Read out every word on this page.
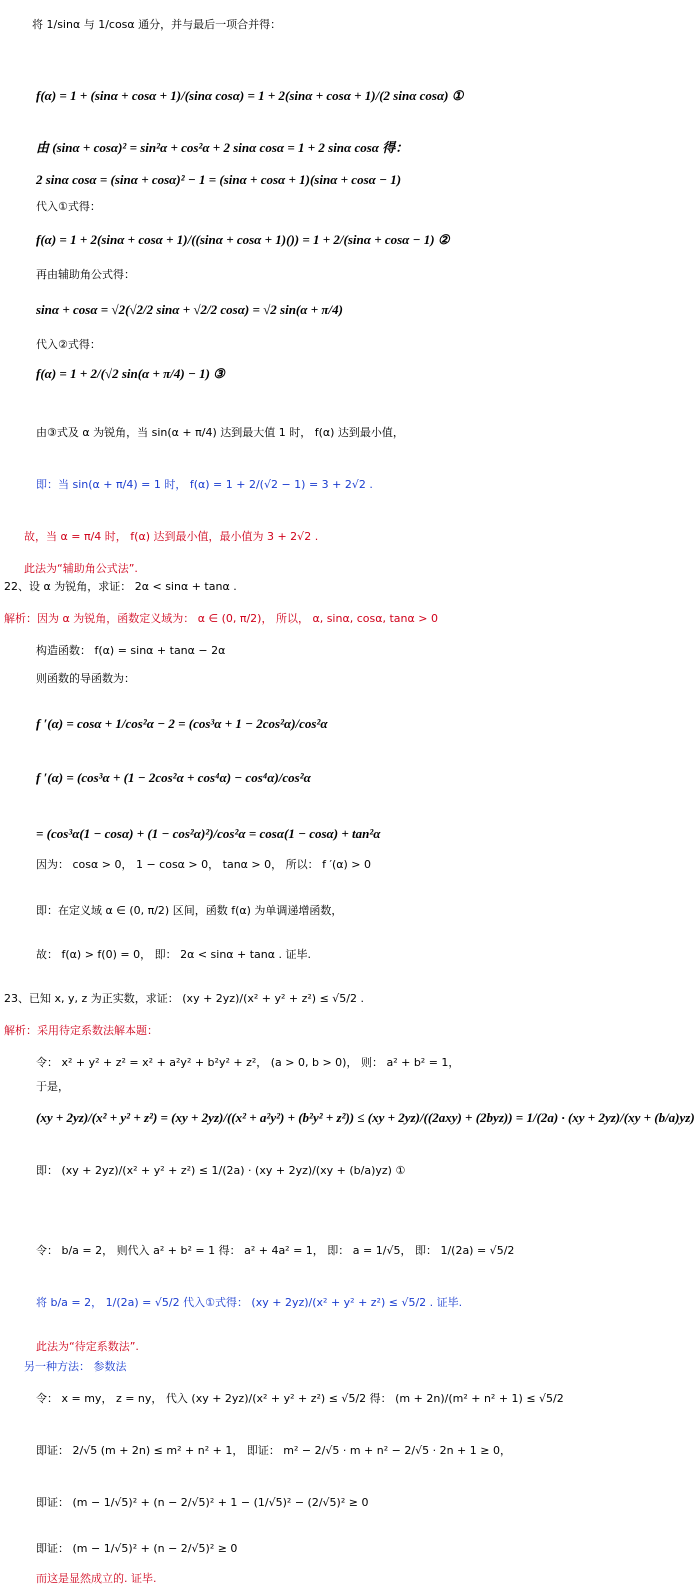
将 1/sinα 与 1/cosα 通分，并与最后一项合并得：
f(α) = 1 + (sinα + cosα + 1)/(sinα cosα) = 1 + 2(sinα + cosα + 1)/(2 sinα cosα) ①
由 (sinα + cosα)² = sin²α + cos²α + 2 sinα cosα = 1 + 2 sinα cosα 得：
2 sinα cosα = (sinα + cosα)² − 1 = (sinα + cosα + 1)(sinα + cosα − 1)
代入①式得：
f(α) = 1 + 2(sinα + cosα + 1)/((sinα + cosα + 1)()) = 1 + 2/(sinα + cosα − 1) ②
再由辅助角公式得：
sinα + cosα = √2(√2/2 sinα + √2/2 cosα) = √2 sin(α + π/4)
代入②式得：
f(α) = 1 + 2/(√2 sin(α + π/4) − 1) ③
由③式及 α 为锐角，当 sin(α + π/4) 达到最大值 1 时， f(α) 达到最小值，
即：当 sin(α + π/4) = 1 时， f(α) = 1 + 2/(√2 − 1) = 3 + 2√2 .
故，当 α = π/4 时， f(α) 达到最小值，最小值为 3 + 2√2 .
此法为“辅助角公式法”.
22、设 α 为锐角，求证： 2α < sinα + tanα .
解析：因为 α 为锐角，函数定义域为： α ∈ (0, π/2)， 所以， α, sinα, cosα, tanα > 0
构造函数： f(α) = sinα + tanα − 2α
则函数的导函数为：
f ′(α) = cosα + 1/cos²α − 2 = (cos³α + 1 − 2cos²α)/cos²α
f ′(α) = (cos³α + (1 − 2cos²α + cos⁴α) − cos⁴α)/cos²α
= (cos³α(1 − cosα) + (1 − cos²α)²)/cos²α = cosα(1 − cosα) + tan²α
因为： cosα > 0， 1 − cosα > 0， tanα > 0， 所以： f ′(α) > 0
即：在定义域 α ∈ (0, π/2) 区间，函数 f(α) 为单调递增函数，
故： f(α) > f(0) = 0， 即： 2α < sinα + tanα . 证毕.
23、已知 x, y, z 为正实数，求证： (xy + 2yz)/(x² + y² + z²) ≤ √5/2 .
解析：采用待定系数法解本题：
令： x² + y² + z² = x² + a²y² + b²y² + z²， (a > 0, b > 0)， 则： a² + b² = 1，
于是，
(xy + 2yz)/(x² + y² + z²) = (xy + 2yz)/((x² + a²y²) + (b²y² + z²)) ≤ (xy + 2yz)/((2axy) + (2byz)) = 1/(2a) · (xy + 2yz)/(xy + (b/a)yz)
即： (xy + 2yz)/(x² + y² + z²) ≤ 1/(2a) · (xy + 2yz)/(xy + (b/a)yz) ①
令： b/a = 2， 则代入 a² + b² = 1 得： a² + 4a² = 1， 即： a = 1/√5， 即： 1/(2a) = √5/2
将 b/a = 2， 1/(2a) = √5/2 代入①式得： (xy + 2yz)/(x² + y² + z²) ≤ √5/2 . 证毕.
此法为“待定系数法”.
另一种方法： 参数法
令： x = my， z = ny， 代入 (xy + 2yz)/(x² + y² + z²) ≤ √5/2 得： (m + 2n)/(m² + n² + 1) ≤ √5/2
即证： 2/√5 (m + 2n) ≤ m² + n² + 1， 即证： m² − 2/√5 · m + n² − 2/√5 · 2n + 1 ≥ 0，
即证： (m − 1/√5)² + (n − 2/√5)² + 1 − (1/√5)² − (2/√5)² ≥ 0
即证： (m − 1/√5)² + (n − 2/√5)² ≥ 0
而这是显然成立的. 证毕.
